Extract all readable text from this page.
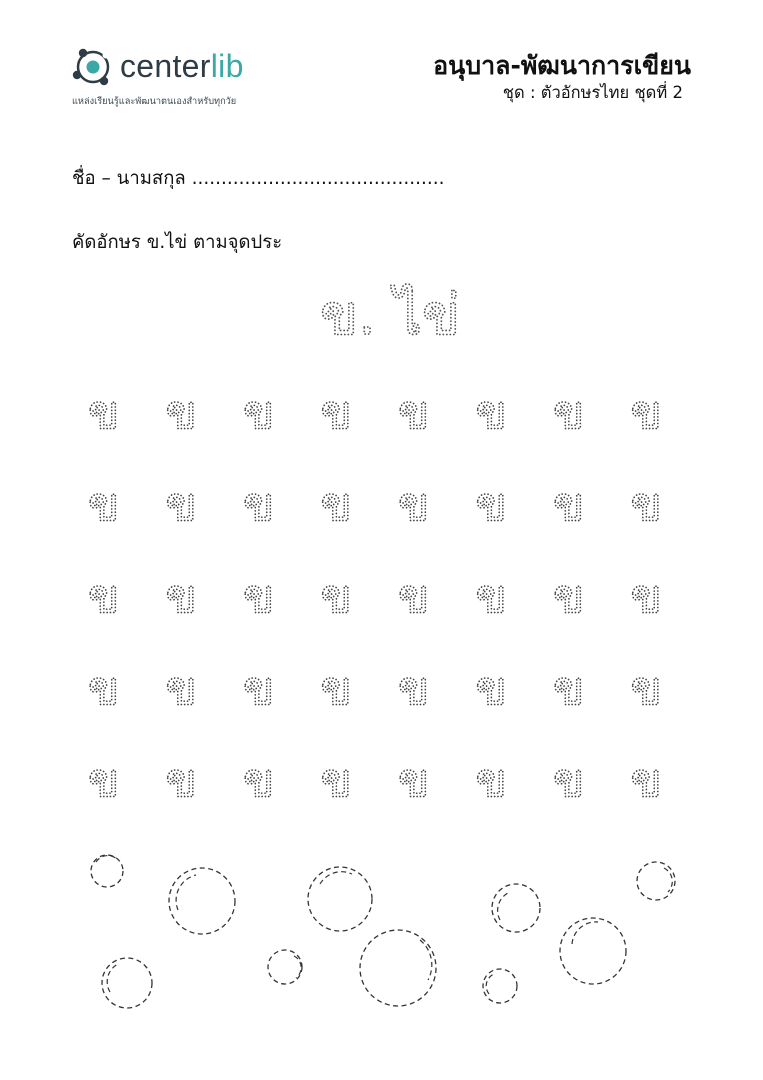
centerlib
แหล่งเรียนรู้และพัฒนาตนเองสำหรับทุกวัย
อนุบาล-พัฒนาการเขียน
ชุด : ตัวอักษรไทย ชุดที่ 2
ชื่อ – นามสกุล ...........................................
คัดอักษร ข.ไข่ ตามจุดประ
ข. ไข่
ข ข ข ข ข ข ข ข
ข ข ข ข ข ข ข ข
ข ข ข ข ข ข ข ข
ข ข ข ข ข ข ข ข
ข ข ข ข ข ข ข ข
